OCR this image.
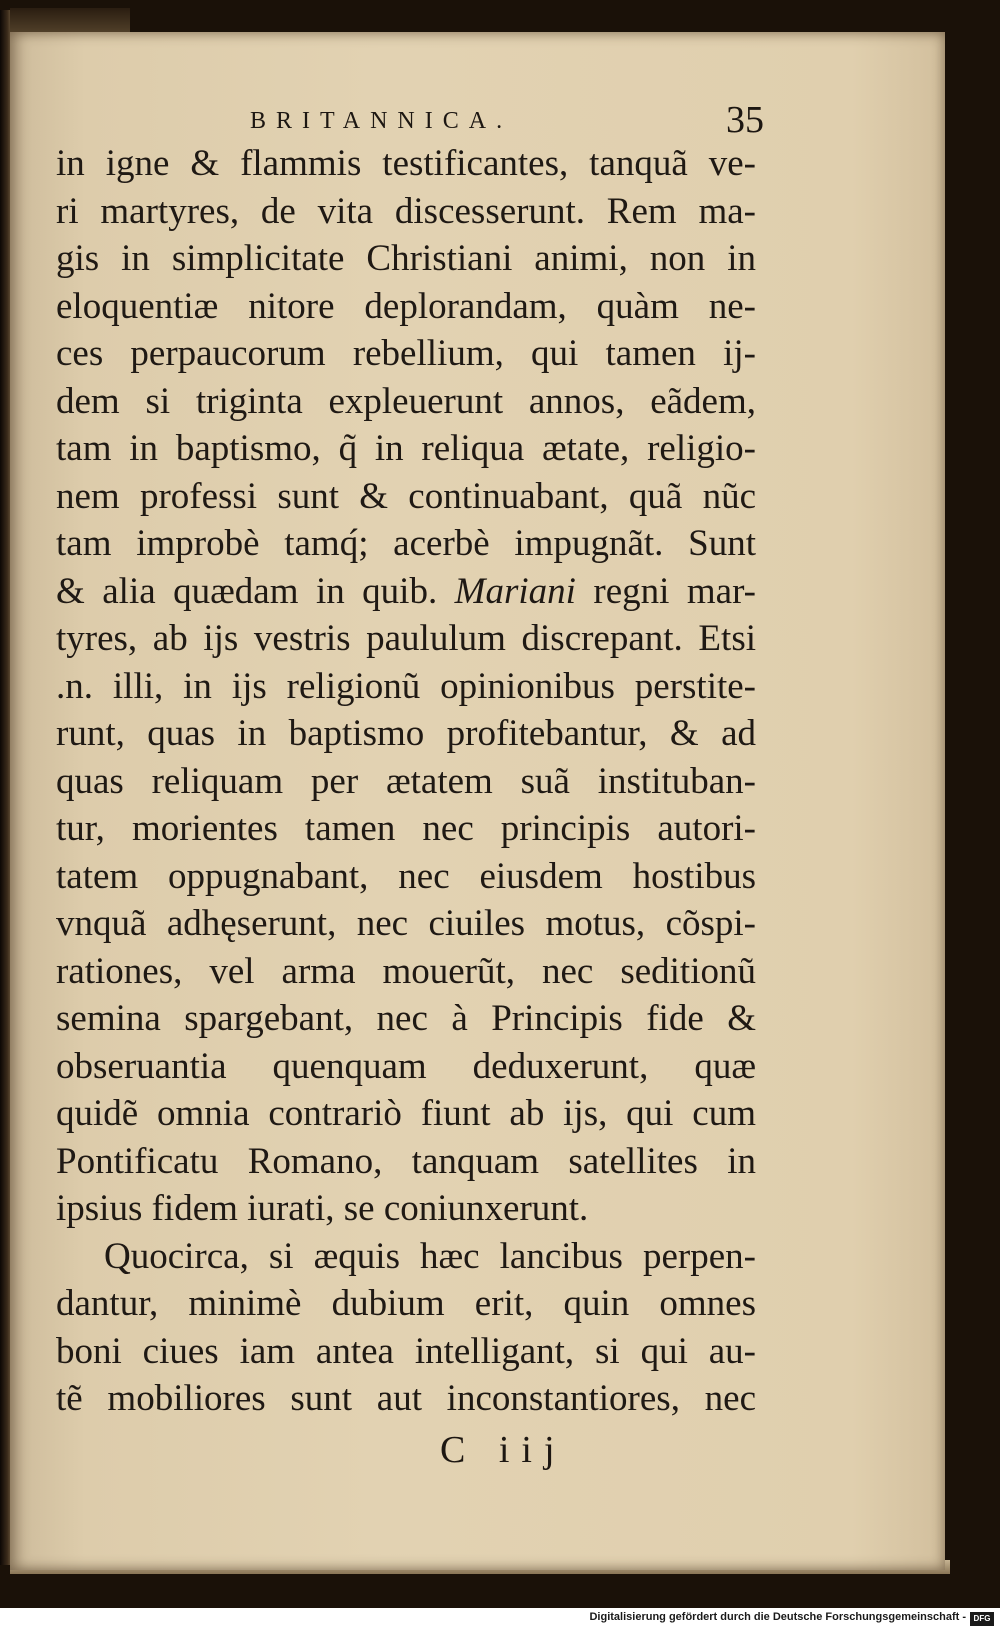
BRITANNICA.	35
in igne & flammis testificantes, tanquã ve-
ri martyres, de vita discesserunt. Rem ma-
gis in simplicitate Christiani animi, non in
eloquentiæ nitore deplorandam, quàm ne-
ces perpaucorum rebellium, qui tamen ij-
dem si triginta expleuerunt annos, eãdem,
tam in baptismo, q̃ in reliqua ætate, religio-
nem professi sunt & continuabant, quã nũc
tam improbè tamq́; acerbè impugnãt. Sunt
& alia quædam in quib. Mariani regni mar-
tyres, ab ijs vestris paululum discrepant. Etsi
.n. illi, in ijs religionũ opinionibus perstite-
runt, quas in baptismo profitebantur, & ad
quas reliquam per ætatem suã instituban-
tur, morientes tamen nec principis autori-
tatem oppugnabant, nec eiusdem hostibus
vnquã adhęserunt, nec ciuiles motus, cõspi-
rationes, vel arma mouerũt, nec seditionũ
semina spargebant, nec à Principis fide &
obseruantia quenquam deduxerunt, quæ
quidẽ omnia contrariò fiunt ab ijs, qui cum
Pontificatu Romano, tanquam satellites in
ipsius fidem iurati, se coniunxerunt.
Quocirca, si æquis hæc lancibus perpen-
dantur, minimè dubium erit, quin omnes
boni ciues iam antea intelligant, si qui au-
tẽ mobiliores sunt aut inconstantiores, nec
C iij
Digitalisierung gefördert durch die Deutsche Forschungsgemeinschaft - DFG
